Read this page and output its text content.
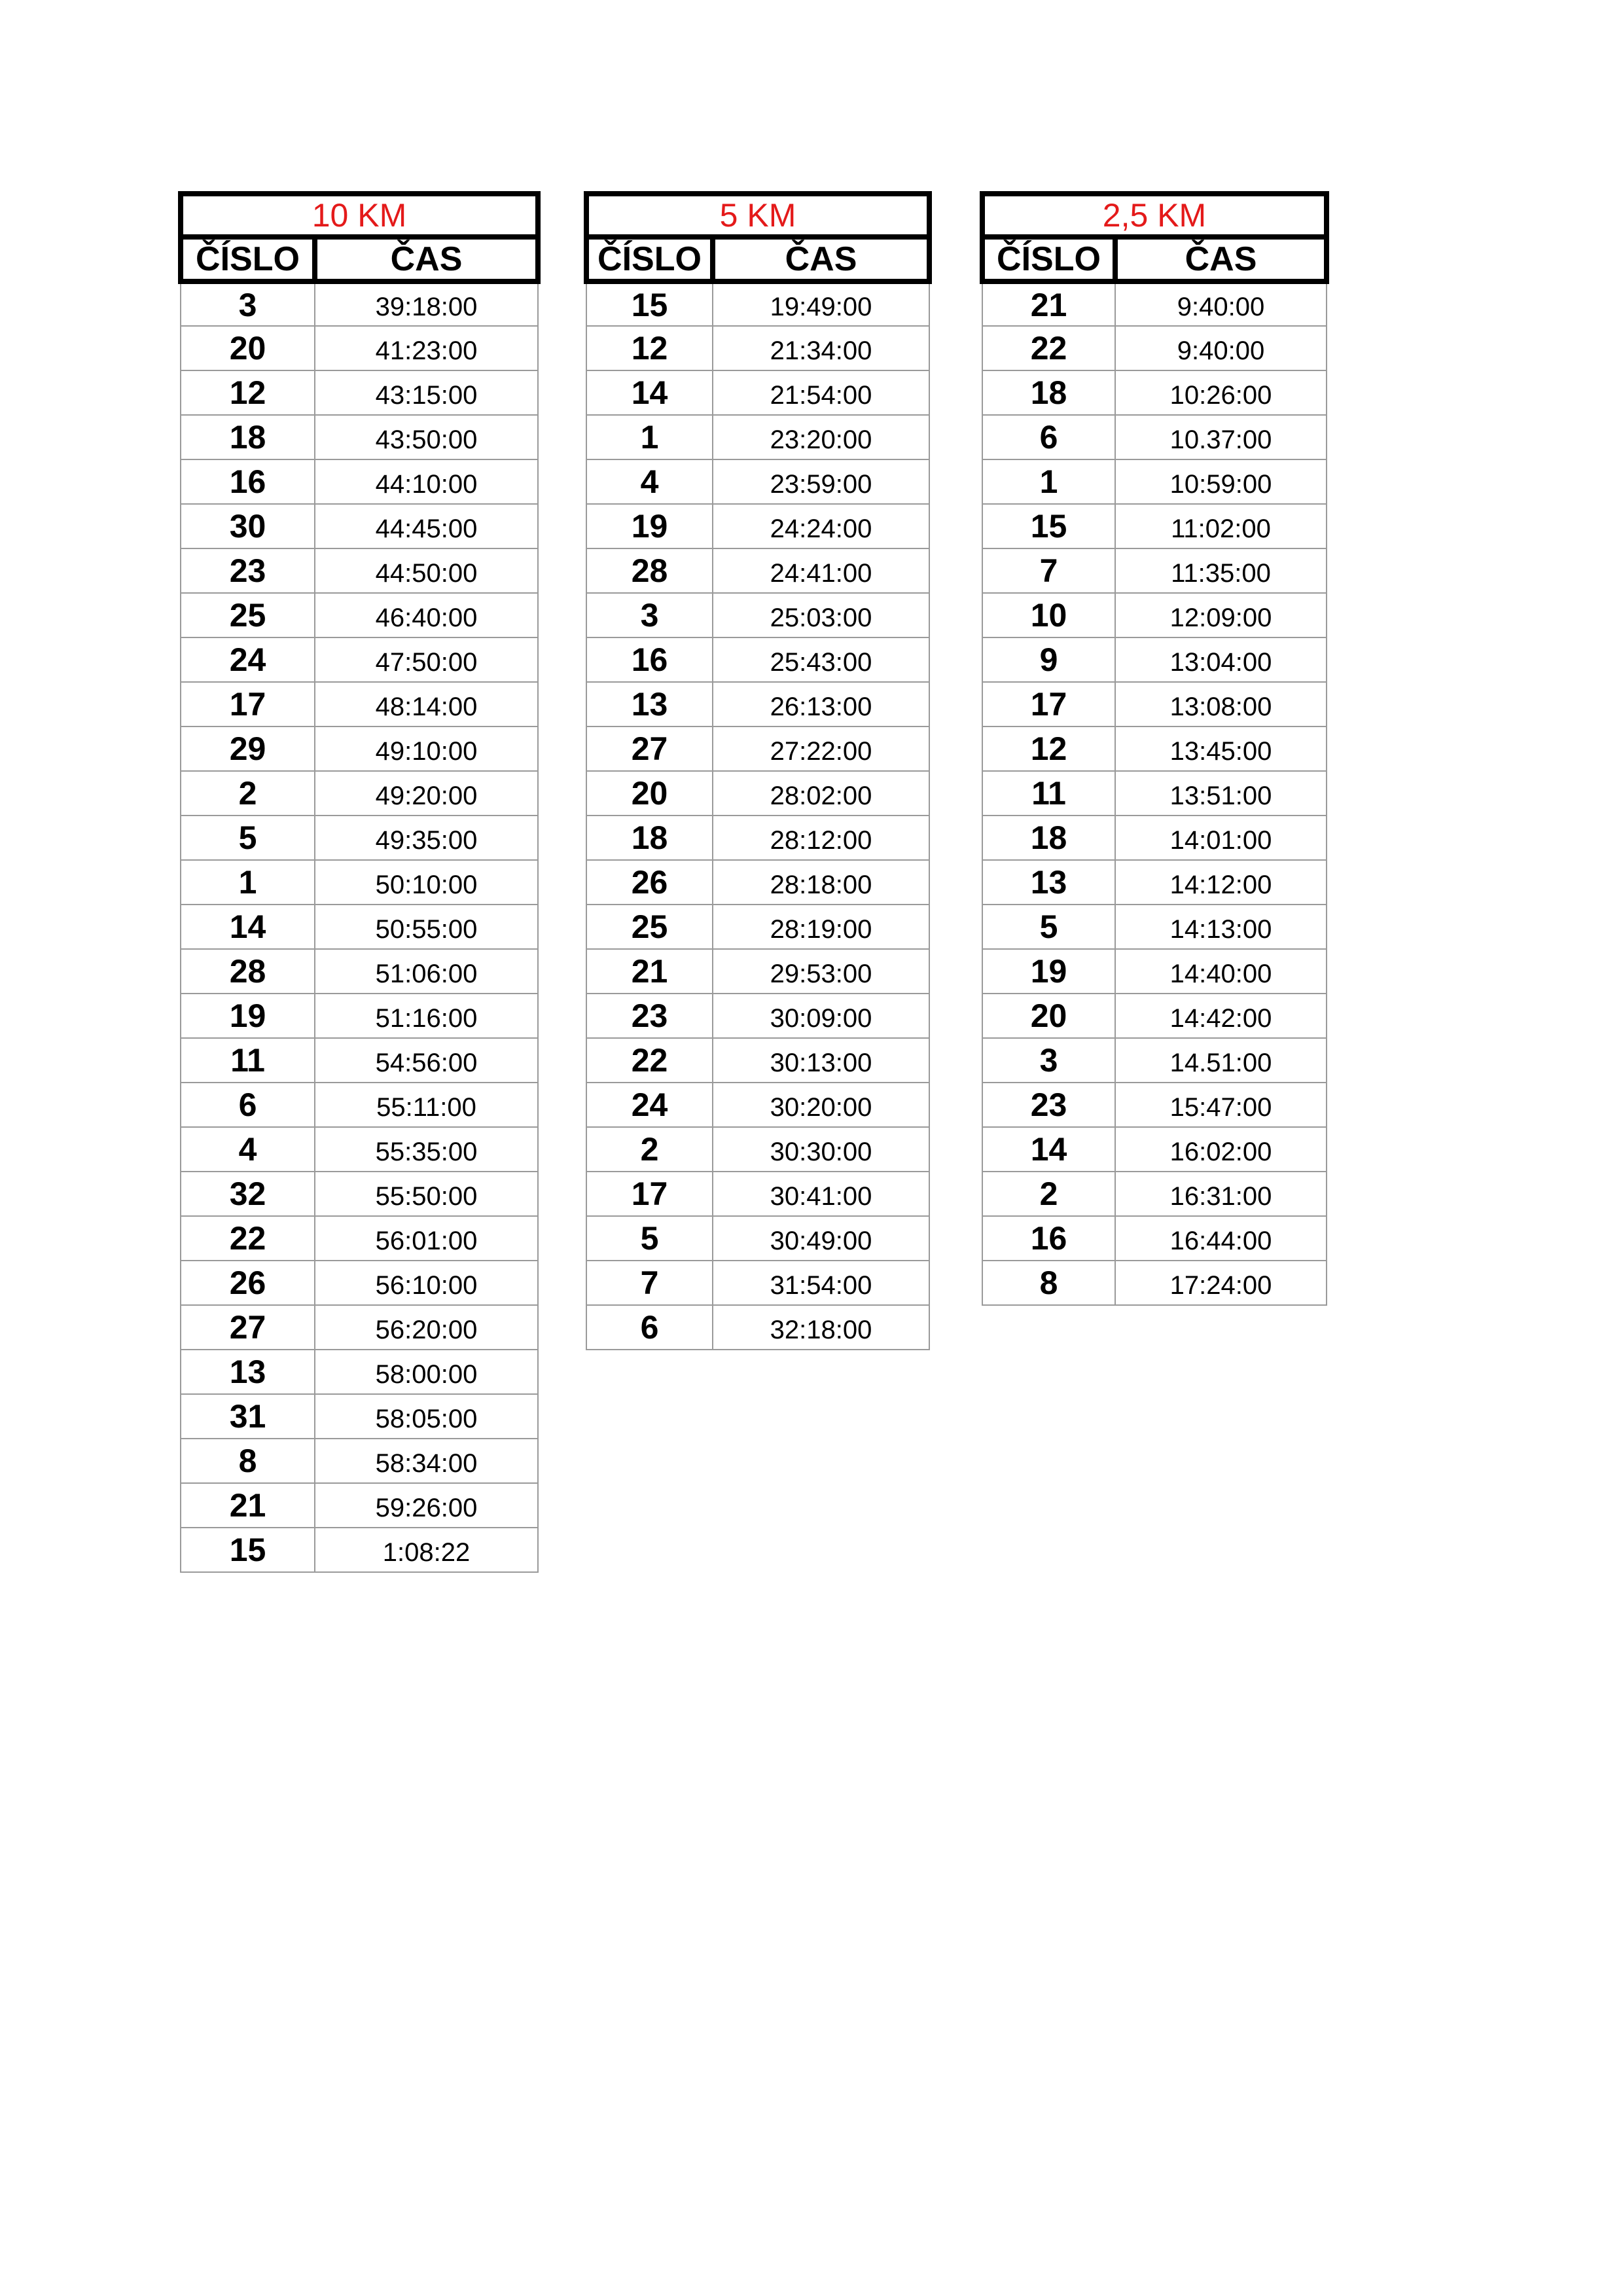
10 KM	
ČÍSLO	ČAS
3	39:18:00
20	41:23:00
12	43:15:00
18	43:50:00
16	44:10:00
30	44:45:00
23	44:50:00
25	46:40:00
24	47:50:00
17	48:14:00
29	49:10:00
2	49:20:00
5	49:35:00
1	50:10:00
14	50:55:00
28	51:06:00
19	51:16:00
11	54:56:00
6	55:11:00
4	55:35:00
32	55:50:00
22	56:01:00
26	56:10:00
27	56:20:00
13	58:00:00
31	58:05:00
8	58:34:00
21	59:26:00
15	1:08:22
5 KM	
ČÍSLO	ČAS
15	19:49:00
12	21:34:00
14	21:54:00
1	23:20:00
4	23:59:00
19	24:24:00
28	24:41:00
3	25:03:00
16	25:43:00
13	26:13:00
27	27:22:00
20	28:02:00
18	28:12:00
26	28:18:00
25	28:19:00
21	29:53:00
23	30:09:00
22	30:13:00
24	30:20:00
2	30:30:00
17	30:41:00
5	30:49:00
7	31:54:00
6	32:18:00
2,5 KM	
ČÍSLO	ČAS
21	9:40:00
22	9:40:00
18	10:26:00
6	10.37:00
1	10:59:00
15	11:02:00
7	11:35:00
10	12:09:00
9	13:04:00
17	13:08:00
12	13:45:00
11	13:51:00
18	14:01:00
13	14:12:00
5	14:13:00
19	14:40:00
20	14:42:00
3	14.51:00
23	15:47:00
14	16:02:00
2	16:31:00
16	16:44:00
8	17:24:00
